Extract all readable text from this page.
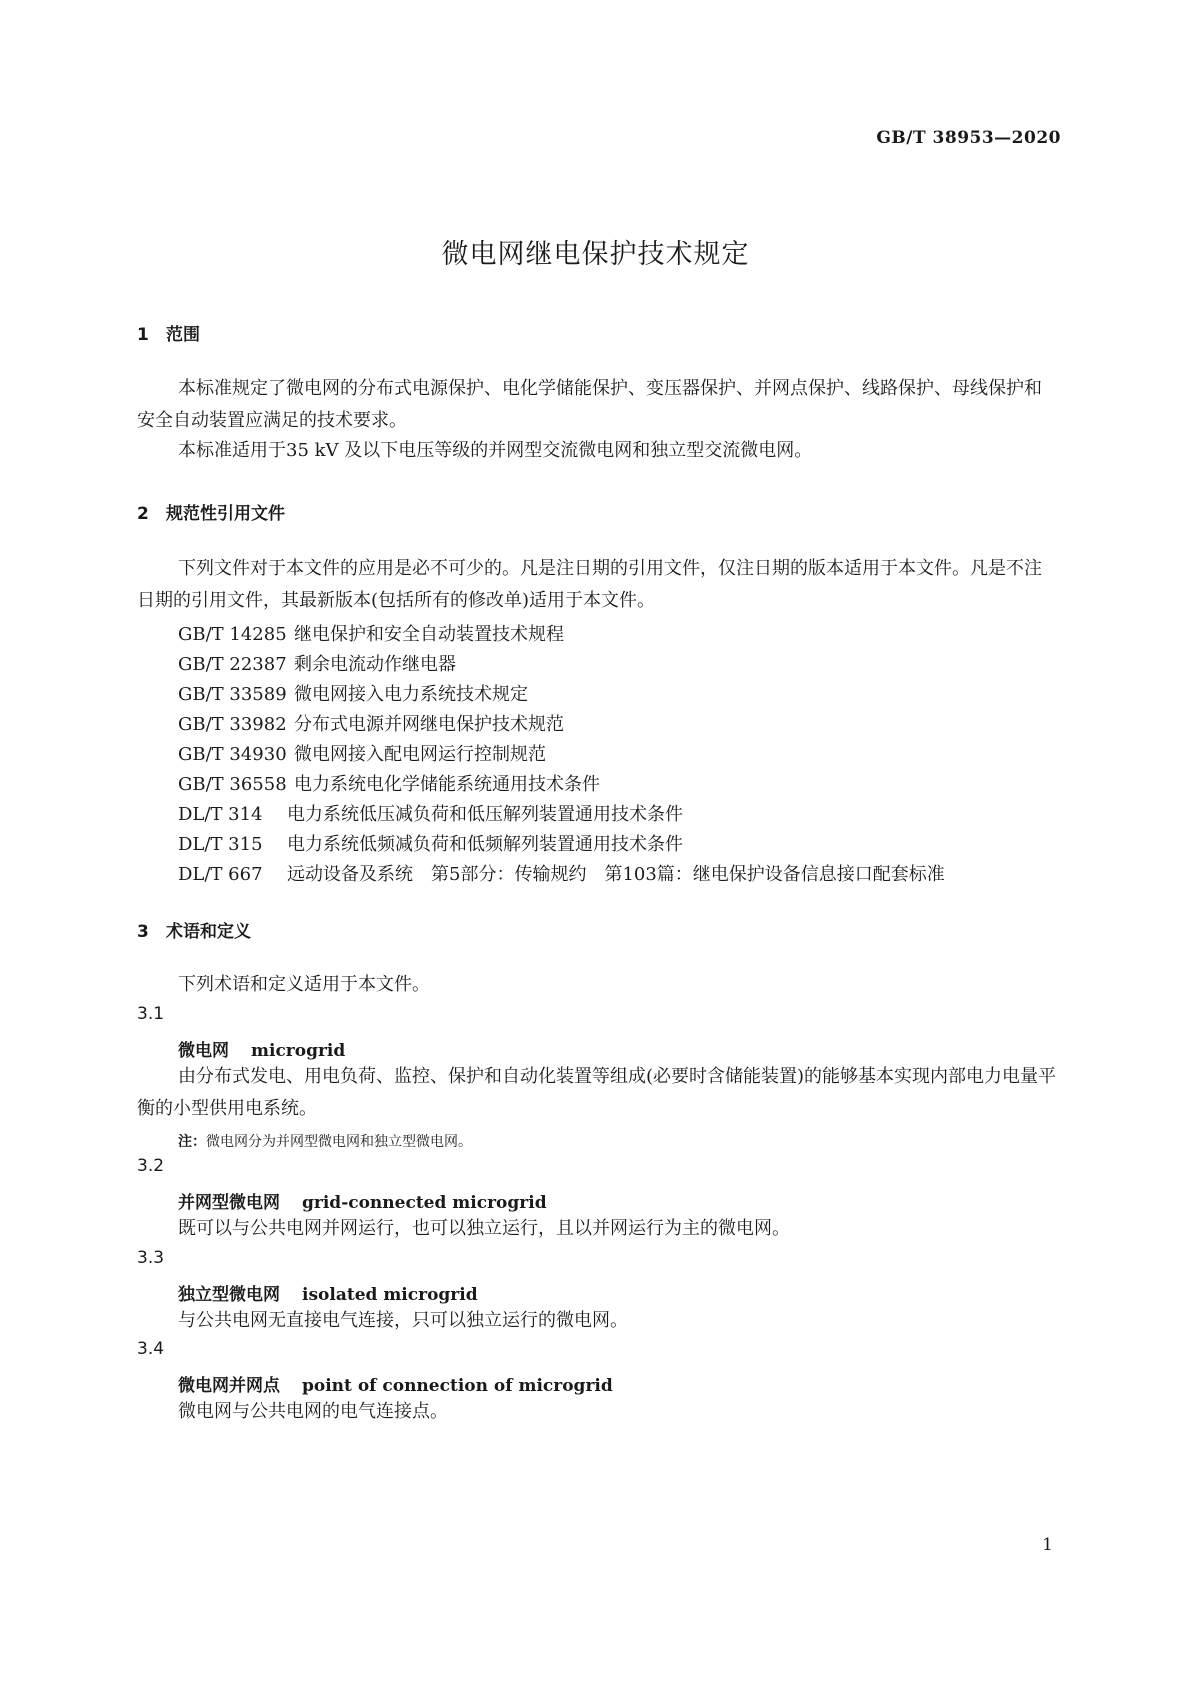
GB/T 38953—2020
微电网继电保护技术规定
1 范围

本标准规定了微电网的分布式电源保护、电化学储能保护、变压器保护、并网点保护、线路保护、母线保护和安全自动装置应满足的技术要求。

本标准适用于35 kV 及以下电压等级的并网型交流微电网和独立型交流微电网。

2 规范性引用文件

下列文件对于本文件的应用是必不可少的。凡是注日期的引用文件，仅注日期的版本适用于本文件。凡是不注日期的引用文件，其最新版本(包括所有的修改单)适用于本文件。

GB/T 14285 继电保护和安全自动装置技术规程
GB/T 22387 剩余电流动作继电器
GB/T 33589 微电网接入电力系统技术规定
GB/T 33982 分布式电源并网继电保护技术规范
GB/T 34930 微电网接入配电网运行控制规范
GB/T 36558 电力系统电化学储能系统通用技术条件
DL/T 314 电力系统低压减负荷和低压解列装置通用技术条件
DL/T 315 电力系统低频减负荷和低频解列装置通用技术条件
DL/T 667 远动设备及系统　第5部分：传输规约　第103篇：继电保护设备信息接口配套标准
3 术语和定义

下列术语和定义适用于本文件。

3.1
微电网 microgrid

由分布式发电、用电负荷、监控、保护和自动化装置等组成(必要时含储能装置)的能够基本实现内部电力电量平衡的小型供用电系统。

注：微电网分为并网型微电网和独立型微电网。
3.2
并网型微电网 grid-connected microgrid

既可以与公共电网并网运行，也可以独立运行，且以并网运行为主的微电网。

3.3
独立型微电网 isolated microgrid

与公共电网无直接电气连接，只可以独立运行的微电网。

3.4
微电网并网点 point of connection of microgrid

微电网与公共电网的电气连接点。

1
